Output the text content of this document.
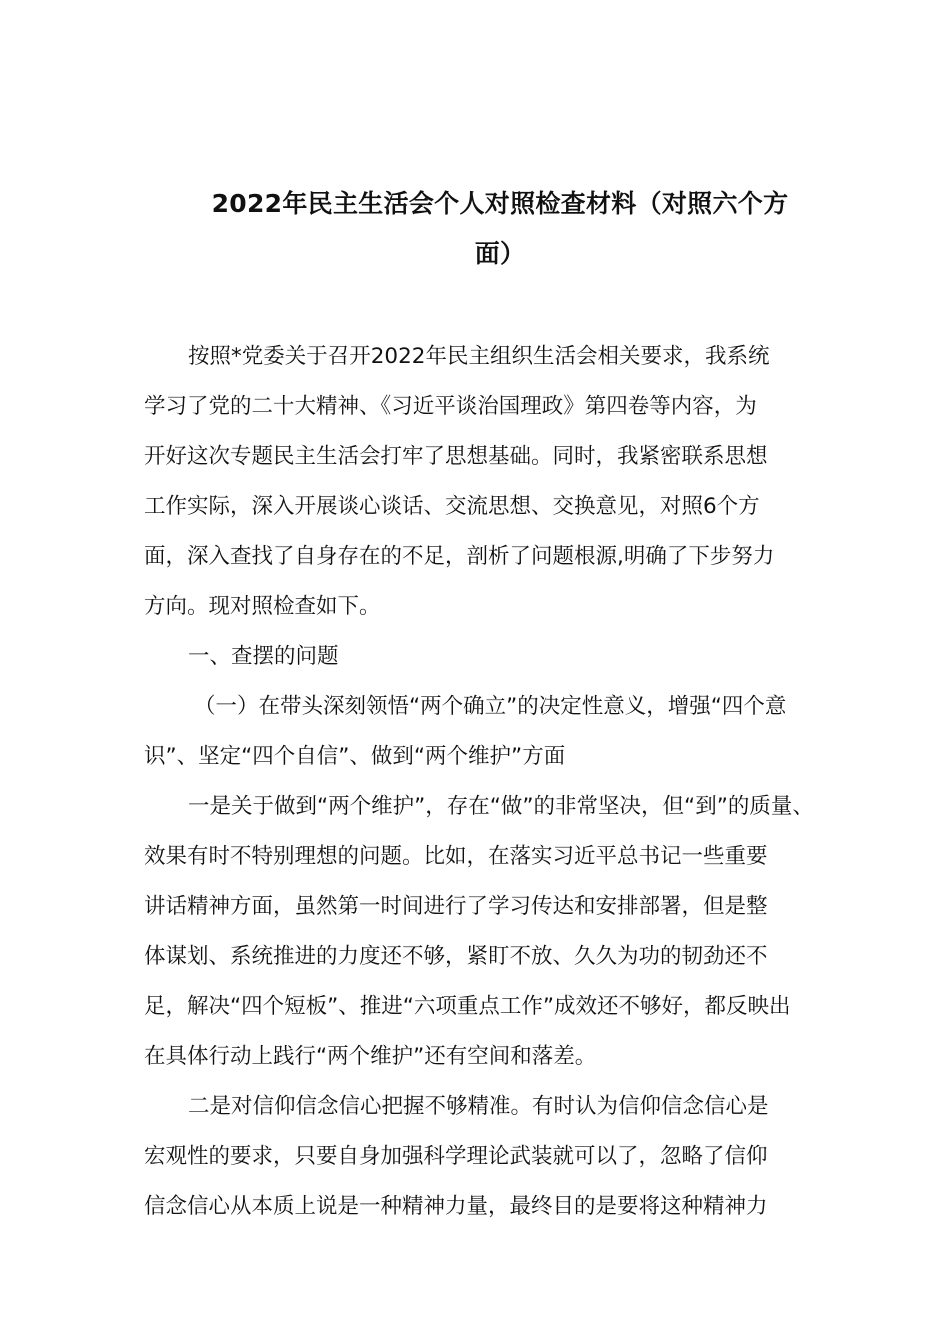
2022年民主生活会个人对照检查材料（对照六个方
面）
按照*党委关于召开2022年民主组织生活会相关要求，我系统
学习了党的二十大精神、《习近平谈治国理政》第四卷等内容，为
开好这次专题民主生活会打牢了思想基础。同时，我紧密联系思想
工作实际，深入开展谈心谈话、交流思想、交换意见，对照6个方
面，深入查找了自身存在的不足，剖析了问题根源,明确了下步努力
方向。现对照检查如下。
一、查摆的问题
（一）在带头深刻领悟“两个确立”的决定性意义，增强“四个意
识”、坚定“四个自信”、做到“两个维护”方面
一是关于做到“两个维护”，存在“做”的非常坚决，但“到”的质量、
效果有时不特别理想的问题。比如，在落实习近平总书记一些重要
讲话精神方面，虽然第一时间进行了学习传达和安排部署，但是整
体谋划、系统推进的力度还不够，紧盯不放、久久为功的韧劲还不
足，解决“四个短板”、推进“六项重点工作”成效还不够好，都反映出
在具体行动上践行“两个维护”还有空间和落差。
二是对信仰信念信心把握不够精准。有时认为信仰信念信心是
宏观性的要求，只要自身加强科学理论武装就可以了，忽略了信仰
信念信心从本质上说是一种精神力量，最终目的是要将这种精神力
